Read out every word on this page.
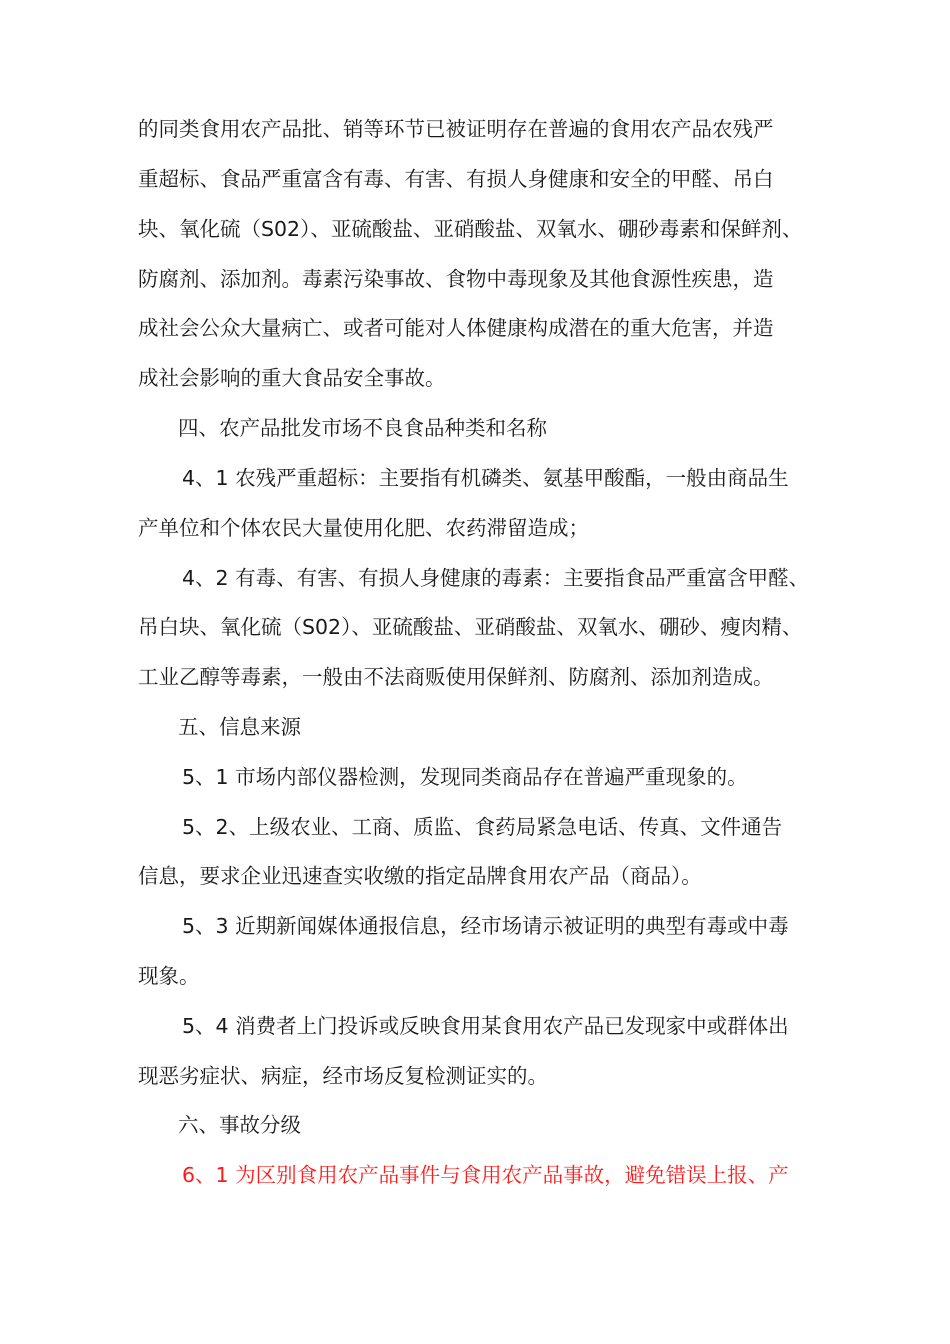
的同类食用农产品批、销等环节已被证明存在普遍的食用农产品农残严
重超标、食品严重富含有毒、有害、有损人身健康和安全的甲醛、吊白
块、氧化硫（S02）、亚硫酸盐、亚硝酸盐、双氧水、硼砂毒素和保鲜剂、
防腐剂、添加剂。毒素污染事故、食物中毒现象及其他食源性疾患，造
成社会公众大量病亡、或者可能对人体健康构成潜在的重大危害，并造
成社会影响的重大食品安全事故。
四、农产品批发市场不良食品种类和名称
4、1 农残严重超标：主要指有机磷类、氨基甲酸酯，一般由商品生
产单位和个体农民大量使用化肥、农药滞留造成；
4、2 有毒、有害、有损人身健康的毒素：主要指食品严重富含甲醛、
吊白块、氧化硫（S02）、亚硫酸盐、亚硝酸盐、双氧水、硼砂、瘦肉精、
工业乙醇等毒素，一般由不法商贩使用保鲜剂、防腐剂、添加剂造成。
五、信息来源
5、1 市场内部仪器检测，发现同类商品存在普遍严重现象的。
5、2、上级农业、工商、质监、食药局紧急电话、传真、文件通告
信息，要求企业迅速查实收缴的指定品牌食用农产品（商品）。
5、3 近期新闻媒体通报信息，经市场请示被证明的典型有毒或中毒
现象。
5、4 消费者上门投诉或反映食用某食用农产品已发现家中或群体出
现恶劣症状、病症，经市场反复检测证实的。
六、事故分级
6、1 为区别食用农产品事件与食用农产品事故，避免错误上报、产
